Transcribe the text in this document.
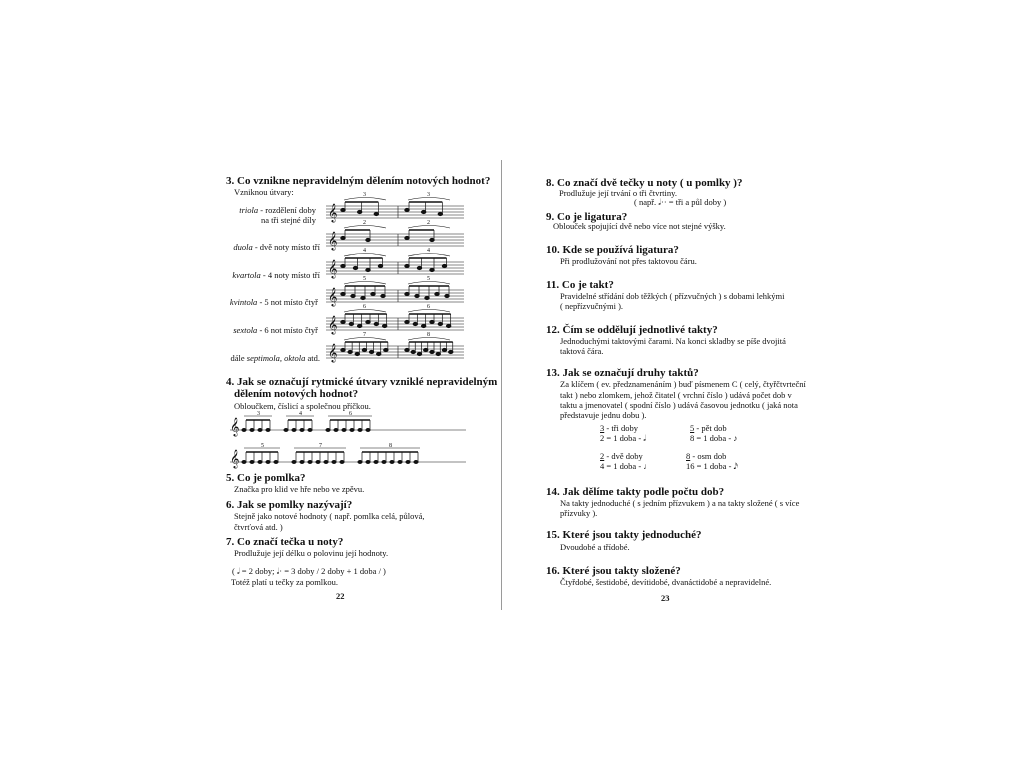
3. Co vznikne nepravidelným dělením notových hodnot?
Vzniknou útvary:
triola - rozdělení doby
na tři stejné díly
duola - dvě noty místo tří
kvartola - 4 noty místo tří
kvintola - 5 not místo čtyř
sextola - 6 not místo čtyř
dále septimola, oktola atd.
𝄞
3	3
𝄞
2	2
𝄞
4	4
𝄞
5	5
𝄞
6	6
𝄞
7	8
4. Jak se označují rytmické útvary vzniklé nepravidelným
dělením notových hodnot?
Obloučkem, číslicí a společnou příčkou.
𝄞
3	4	6
𝄞
5	7	8
5. Co je pomlka?
Značka pro klid ve hře nebo ve zpěvu.
6. Jak se pomlky nazývají?
Stejně jako notové hodnoty ( např. pomlka celá, půlová,
čtvrťová atd. )
7. Co značí tečka u noty?
Prodlužuje její délku o polovinu její hodnoty.
( 𝅗𝅥 = 2 doby; 𝅗𝅥· = 3 doby / 2 doby + 1 doba / )
Totéž platí u tečky za pomlkou.
22
8. Co značí dvě tečky u noty ( u pomlky )?
Prodlužuje její trvání o tři čtvrtiny.
( např. 𝅗𝅥·· = tři a půl doby )
9. Co je ligatura?
Oblouček spojující dvě nebo více not stejné výšky.
10. Kde se používá ligatura?
Při prodlužování not přes taktovou čáru.
11. Co je takt?
Pravidelné střídání dob těžkých ( přízvučných ) s dobami lehkými
( nepřízvučnými ).
12. Čím se oddělují jednotlivé takty?
Jednoduchými taktovými čarami. Na konci skladby se píše dvojitá
taktová čára.
13. Jak se označují druhy taktů?
Za klíčem ( ev. předznamenáním ) buď písmenem C ( celý, čtyřčtvrteční
takt ) nebo zlomkem, jehož čitatel ( vrchní číslo ) udává počet dob v
taktu a jmenovatel ( spodní číslo ) udává časovou jednotku ( jaká nota
představuje jednu dobu ).
3 - tři doby
2 = 1 doba - 𝅗𝅥
5 - pět dob
8 = 1 doba - ♪
2 - dvě doby
4 = 1 doba - ♩
8 - osm dob
16 = 1 doba - 𝅘𝅥𝅯
14. Jak dělíme takty podle počtu dob?
Na takty jednoduché ( s jedním přízvukem ) a na takty složené ( s více
přízvuky ).
15. Které jsou takty jednoduché?
Dvoudobé a třídobé.
16. Které jsou takty složené?
Čtyřdobé, šestidobé, devítidobé, dvanáctidobé a nepravidelné.
23
